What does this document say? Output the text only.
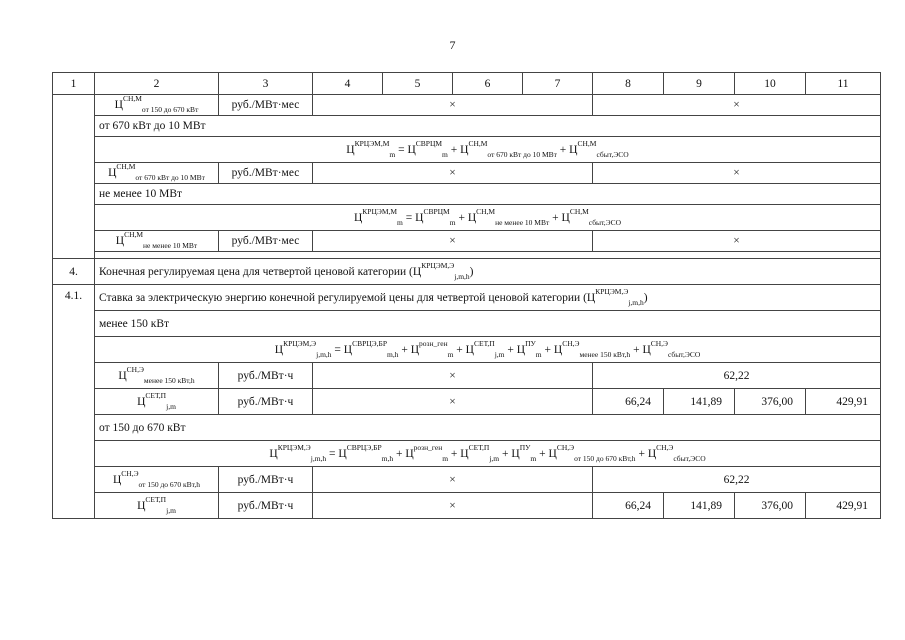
7
1	2	3	4	5	6	7	8	9	10	11
	$Ц^{СН,М}_{от 150 до 670 кВт}$	руб./МВт·мес	×				×			
	от 670 кВт до 10 МВт									
	$Ц^{КРЦЭМ,М}_m = Ц^{СВРЦМ}_m + Ц^{СН,М}_{от 670 кВт до 10 МВт} + Ц^{СН,М}_{сбыт,ЭСО}$
	$Ц^{СН,М}_{от 670 кВт до 10 МВт}$	руб./МВт·мес	×				×			
	не менее 10 МВт									
	$Ц^{КРЦЭМ,М}_m = Ц^{СВРЦМ}_m + Ц^{СН,М}_{не менее 10 МВт} + Ц^{СН,М}_{сбыт,ЭСО}$
	$Ц^{СН,М}_{не менее 10 МВт}$	руб./МВт·мес	×				×			

4.	Конечная регулируемая цена для четвертой ценовой категории $(Ц^{КРЦЭМ,Э}_{j,m,h})$									
4.1.	Ставка за электрическую энергию конечной регулируемой цены для четвертой ценовой категории $(Ц^{КРЦЭМ,Э}_{j,m,h})$									
	менее 150 кВт									
	$Ц^{КРЦЭМ,Э}_{j,m,h} = Ц^{СВРЦЭ,БР}_{m,h} + Ц^{розн\_ген}_m + Ц^{СЕТ,П}_{j,m} + Ц^{ПУ}_m + Ц^{СН,Э}_{менее 150 кВт,h} + Ц^{СН,Э}_{сбыт,ЭСО}$
	$Ц^{СН,Э}_{менее 150 кВт,h}$	руб./МВт·ч	×				62,22			
	$Ц^{СЕТ,П}_{j,m}$	руб./МВт·ч	×				66,24	141,89	376,00	429,91
	от 150 до 670 кВт									
	$Ц^{КРЦЭМ,Э}_{j,m,h} = Ц^{СВРЦЭ,БР}_{m,h} + Ц^{розн\_ген}_m + Ц^{СЕТ,П}_{j,m} + Ц^{ПУ}_m + Ц^{СН,Э}_{от 150 до 670 кВт,h} + Ц^{СН,Э}_{сбыт,ЭСО}$
	$Ц^{СН,Э}_{от 150 до 670 кВт,h}$	руб./МВт·ч	×				62,22			
	$Ц^{СЕТ,П}_{j,m}$	руб./МВт·ч	×				66,24	141,89	376,00	429,91
